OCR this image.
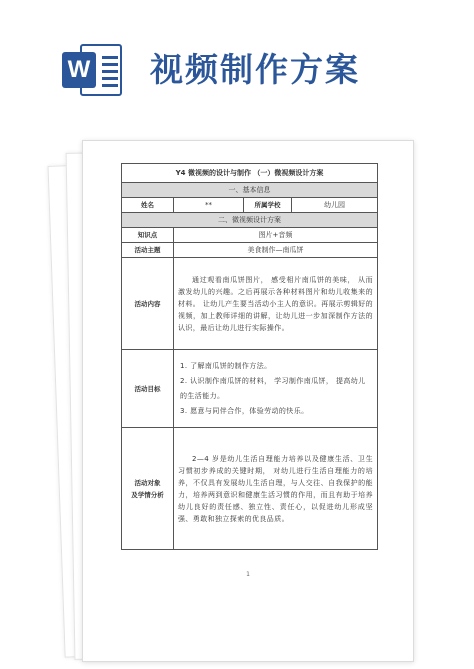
W 视频制作方案
Y4 微视频的设计与制作 （一）微视频设计方案			
一、基本信息			
姓名	**	所属学校	幼儿园
二、微视频设计方案			
知识点	图片+音频		
活动主题	美食制作—南瓜饼		
活动内容	通过观看南瓜饼图片， 感受相片南瓜饼的美味， 从而激发幼儿的兴趣。之后再展示各种材料图片和幼儿收集来的材料。 让幼儿产生要当活动小主人的意识。再展示剪辑好的视频，加上教师详细的讲解，让幼儿进一步加深制作方法的认识，最后让幼儿进行实际操作。		
活动目标	1. 了解南瓜饼的制作方法。
2. 认识制作南瓜饼的材料， 学习制作南瓜饼， 提高幼儿的生活能力。
3. 愿意与同伴合作，体验劳动的快乐。		

活动对象
及学情分析	2—4 岁是幼儿生活自理能力培养以及健康生活、卫生习惯初步养成的关键时期， 对幼儿进行生活自理能力的培养，不仅具有发展幼儿生活自理，与人交往、自我保护的能力，培养两到意识和健康生活习惯的作用，而且有助于培养幼儿良好的责任感、独立性、责任心，以促进幼儿形成坚强、勇敢和独立探索的优良品质。		
1
